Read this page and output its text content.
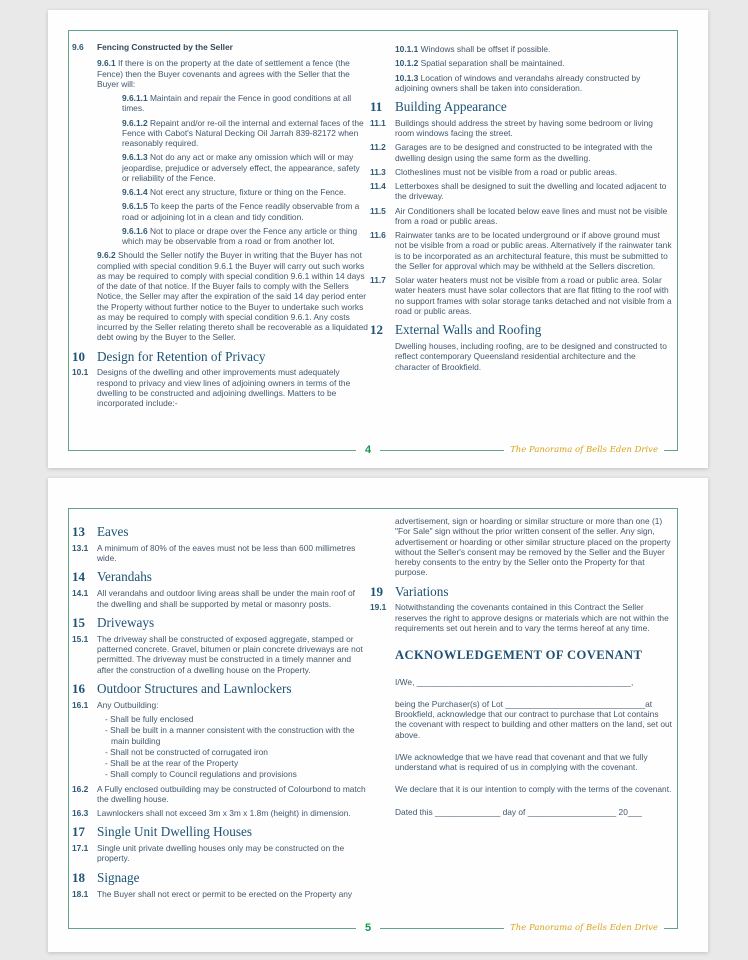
9.6 Fencing Constructed by the Seller
9.6.1 If there is on the property at the date of settlement a fence (the Fence) then the Buyer covenants and agrees with the Seller that the Buyer will:
9.6.1.1 Maintain and repair the Fence in good conditions at all times.
9.6.1.2 Repaint and/or re-oil the internal and external faces of the Fence with Cabot's Natural Decking Oil Jarrah 839-82172 when reasonably required.
9.6.1.3 Not do any act or make any omission which will or may jeopardise, prejudice or adversely effect, the appearance, safety or reliability of the Fence.
9.6.1.4 Not erect any structure, fixture or thing on the Fence.
9.6.1.5 To keep the parts of the Fence readily observable from a road or adjoining lot in a clean and tidy condition.
9.6.1.6 Not to place or drape over the Fence any article or thing which may be observable from a road or from another lot.
9.6.2 Should the Seller notify the Buyer in writing that the Buyer has not complied with special condition 9.6.1 the Buyer will carry out such works as may be required to comply with special condition 9.6.1 within 14 days of the date of that notice. If the Buyer fails to comply with the Sellers Notice, the Seller may after the expiration of the said 14 day period enter the Property without further notice to the Buyer to undertake such works as may be required to comply with special condition 9.6.1. Any costs incurred by the Seller relating thereto shall be recoverable as a liquidated debt owing by the Buyer to the Seller.
10 Design for Retention of Privacy
10.1 Designs of the dwelling and other improvements must adequately respond to privacy and view lines of adjoining owners in terms of the dwelling to be constructed and adjoining dwellings. Matters to be incorporated include:-
10.1.1 Windows shall be offset if possible.
10.1.2 Spatial separation shall be maintained.
10.1.3 Location of windows and verandahs already constructed by adjoining owners shall be taken into consideration.
11 Building Appearance
11.1 Buildings should address the street by having some bedroom or living room windows facing the street.
11.2 Garages are to be designed and constructed to be integrated with the dwelling design using the same form as the dwelling.
11.3 Clotheslines must not be visible from a road or public areas.
11.4 Letterboxes shall be designed to suit the dwelling and located adjacent to the driveway.
11.5 Air Conditioners shall be located below eave lines and must not be visible from a road or public areas.
11.6 Rainwater tanks are to be located underground or if above ground must not be visible from a road or public areas. Alternatively if the rainwater tank is to be incorporated as an architectural feature, this must be submitted to the Seller for approval which may be withheld at the Sellers discretion.
11.7 Solar water heaters must not be visible from a road or public area. Solar water heaters must have solar collectors that are flat fitting to the roof with no support frames with solar storage tanks detached and not visible from a road or public areas.
12 External Walls and Roofing
Dwelling houses, including roofing, are to be designed and constructed to reflect contemporary Queensland residential architecture and the character of Brookfield.
4	The Panorama of Bells Eden Drive
13 Eaves
13.1 A minimum of 80% of the eaves must not be less than 600 millimetres wide.
14 Verandahs
14.1 All verandahs and outdoor living areas shall be under the main roof of the dwelling and shall be supported by metal or masonry posts.
15 Driveways
15.1 The driveway shall be constructed of exposed aggregate, stamped or patterned concrete. Gravel, bitumen or plain concrete driveways are not permitted. The driveway must be constructed in a timely manner and after the construction of a dwelling house on the Property.
16 Outdoor Structures and Lawnlockers
16.1 Any Outbuilding:
- Shall be fully enclosed
- Shall be built in a manner consistent with the construction with the main building
- Shall not be constructed of corrugated iron
- Shall be at the rear of the Property
- Shall comply to Council regulations and provisions
16.2 A Fully enclosed outbuilding may be constructed of Colourbond to match the dwelling house.
16.3 Lawnlockers shall not exceed 3m x 3m x 1.8m (height) in dimension.
17 Single Unit Dwelling Houses
17.1 Single unit private dwelling houses only may be constructed on the property.
18 Signage
18.1 The Buyer shall not erect or permit to be erected on the Property any
advertisement, sign or hoarding or similar structure or more than one (1) "For Sale" sign without the prior written consent of the seller. Any sign, advertisement or hoarding or other similar structure placed on the property without the Seller's consent may be removed by the Seller and the Buyer hereby consents to the entry by the Seller onto the Property for that purpose.
19 Variations
19.1 Notwithstanding the covenants contained in this Contract the Seller reserves the right to approve designs or materials which are not within the requirements set out herein and to vary the terms hereof at any time.
ACKNOWLEDGEMENT OF COVENANT
I/We, ______________________________________________,
being the Purchaser(s) of Lot ______________________________at Brookfield, acknowledge that our contract to purchase that Lot contains the covenant with respect to building and other matters on the land, set out above.
I/We acknowledge that we have read that covenant and that we fully understand what is required of us in complying with the covenant.
We declare that it is our intention to comply with the terms of the covenant.
Dated this ______________ day of ___________________ 20___
5	The Panorama of Bells Eden Drive
